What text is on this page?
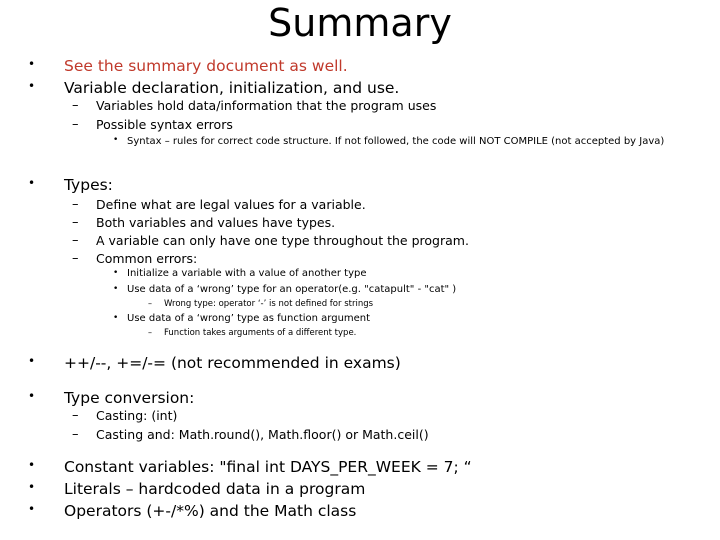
Summary
• See the summary document as well.
• Variable declaration, initialization, and use.
– Variables hold data/information that the program uses
– Possible syntax errors
• Syntax – rules for correct code structure. If not followed, the code will NOT COMPILE (not accepted by Java)
• Types:
– Define what are legal values for a variable.
– Both variables and values have types.
– A variable can only have one type throughout the program.
– Common errors:
• Initialize a variable with a value of another type
• Use data of a ‘wrong’ type for an operator(e.g. "catapult" - "cat" )
– Wrong type: operator ‘-’ is not defined for strings
• Use data of a ‘wrong’ type as function argument
– Function takes arguments of a different type.
• ++/--, +=/-= (not recommended in exams)
• Type conversion:
– Casting: (int)
– Casting and: Math.round(), Math.floor() or Math.ceil()
• Constant variables: "final int DAYS_PER_WEEK = 7; “
• Literals – hardcoded data in a program
• Operators (+-/*%) and the Math class
